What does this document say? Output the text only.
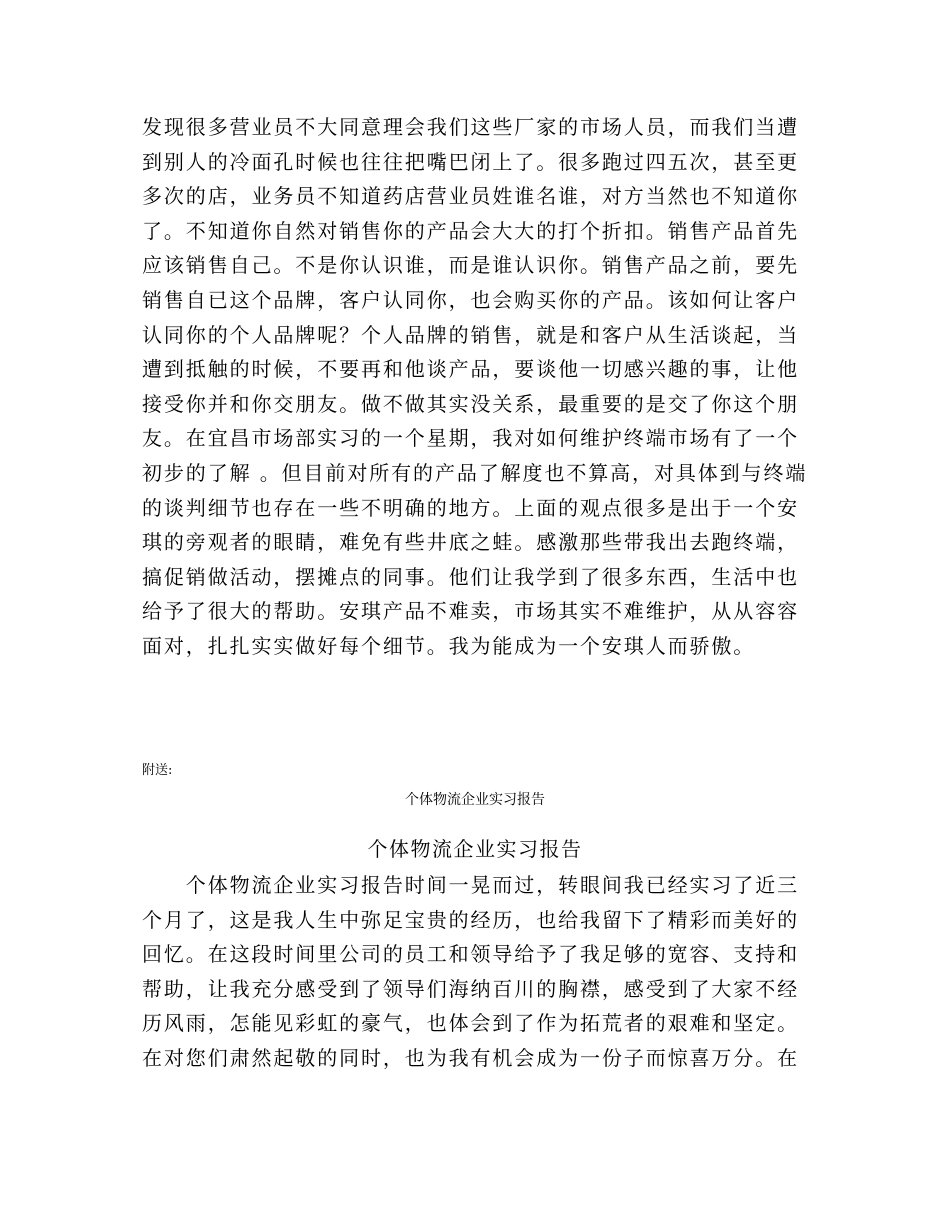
发现很多营业员不大同意理会我们这些厂家的市场人员，而我们当遭
到别人的冷面孔时候也往往把嘴巴闭上了。很多跑过四五次，甚至更
多次的店，业务员不知道药店营业员姓谁名谁，对方当然也不知道你
了。不知道你自然对销售你的产品会大大的打个折扣。销售产品首先
应该销售自己。不是你认识谁，而是谁认识你。销售产品之前，要先
销售自已这个品牌，客户认同你，也会购买你的产品。该如何让客户
认同你的个人品牌呢？个人品牌的销售，就是和客户从生活谈起，当
遭到抵触的时候，不要再和他谈产品，要谈他一切感兴趣的事，让他
接受你并和你交朋友。做不做其实没关系，最重要的是交了你这个朋
友。在宜昌市场部实习的一个星期，我对如何维护终端市场有了一个
初步的了解 。但目前对所有的产品了解度也不算高，对具体到与终端
的谈判细节也存在一些不明确的地方。上面的观点很多是出于一个安
琪的旁观者的眼睛，难免有些井底之蛙。感激那些带我出去跑终端，
搞促销做活动，摆摊点的同事。他们让我学到了很多东西，生活中也
给予了很大的帮助。安琪产品不难卖，市场其实不难维护，从从容容
面对，扎扎实实做好每个细节。我为能成为一个安琪人而骄傲。
附送:
个体物流企业实习报告
个体物流企业实习报告
　　个体物流企业实习报告时间一晃而过，转眼间我已经实习了近三
个月了，这是我人生中弥足宝贵的经历，也给我留下了精彩而美好的
回忆。在这段时间里公司的员工和领导给予了我足够的宽容、支持和
帮助，让我充分感受到了领导们海纳百川的胸襟，感受到了大家不经
历风雨，怎能见彩虹的豪气，也体会到了作为拓荒者的艰难和坚定。
在对您们肃然起敬的同时，也为我有机会成为一份子而惊喜万分。在
